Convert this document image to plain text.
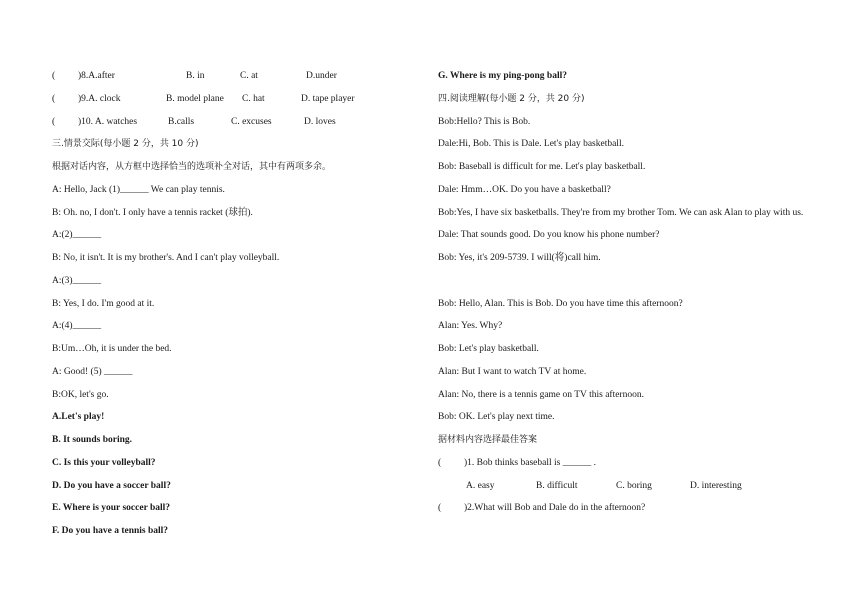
( )8.A.after	B. in	C. at	D.under
( )9.A. clock	B. model plane C. hat	D. tape player
( )10. A. watches	B.calls	C. excuses	D. loves
三.情景交际(每小题 2 分，共 10 分)
根据对话内容，从方框中选择恰当的选项补全对话，其中有两项多余。
A: Hello, Jack (1)______ We can play tennis.
B: Oh. no, I don't. I only have a tennis racket (球拍).
A:(2)______
B: No, it isn't. It is my brother's. And I can't play volleyball.
A:(3)______
B: Yes, I do. I'm good at it.
A:(4)______
B:Um…Oh, it is under the bed.
A: Good! (5) ______
B:OK, let's go.
A.Let's play!
B. It sounds boring.
C. Is this your volleyball?
D. Do you have a soccer ball?
E. Where is your soccer ball?
F. Do you have a tennis ball?
G. Where is my ping-pong ball?
四.阅读理解(每小题 2 分，共 20 分)
Bob:Hello? This is Bob.
Dale:Hi, Bob. This is Dale. Let's play basketball.
Bob: Baseball is difficult for me. Let's play basketball.
Dale: Hmm…OK. Do you have a basketball?
Bob:Yes, I have six basketballs. They're from my brother Tom. We can ask Alan to play with us.
Dale: That sounds good. Do you know his phone number?
Bob: Yes, it's 209-5739. I will(将)call him.
Bob: Hello, Alan. This is Bob. Do you have time this afternoon?
Alan: Yes. Why?
Bob: Let's play basketball.
Alan: But I want to watch TV at home.
Alan: No, there is a tennis game on TV this afternoon.
Bob: OK. Let's play next time.
据材料内容选择最佳答案
( )1. Bob thinks baseball is ______ .
A. easy	B. difficult	C. boring	D. interesting
( )2.What will Bob and Dale do in the afternoon?
